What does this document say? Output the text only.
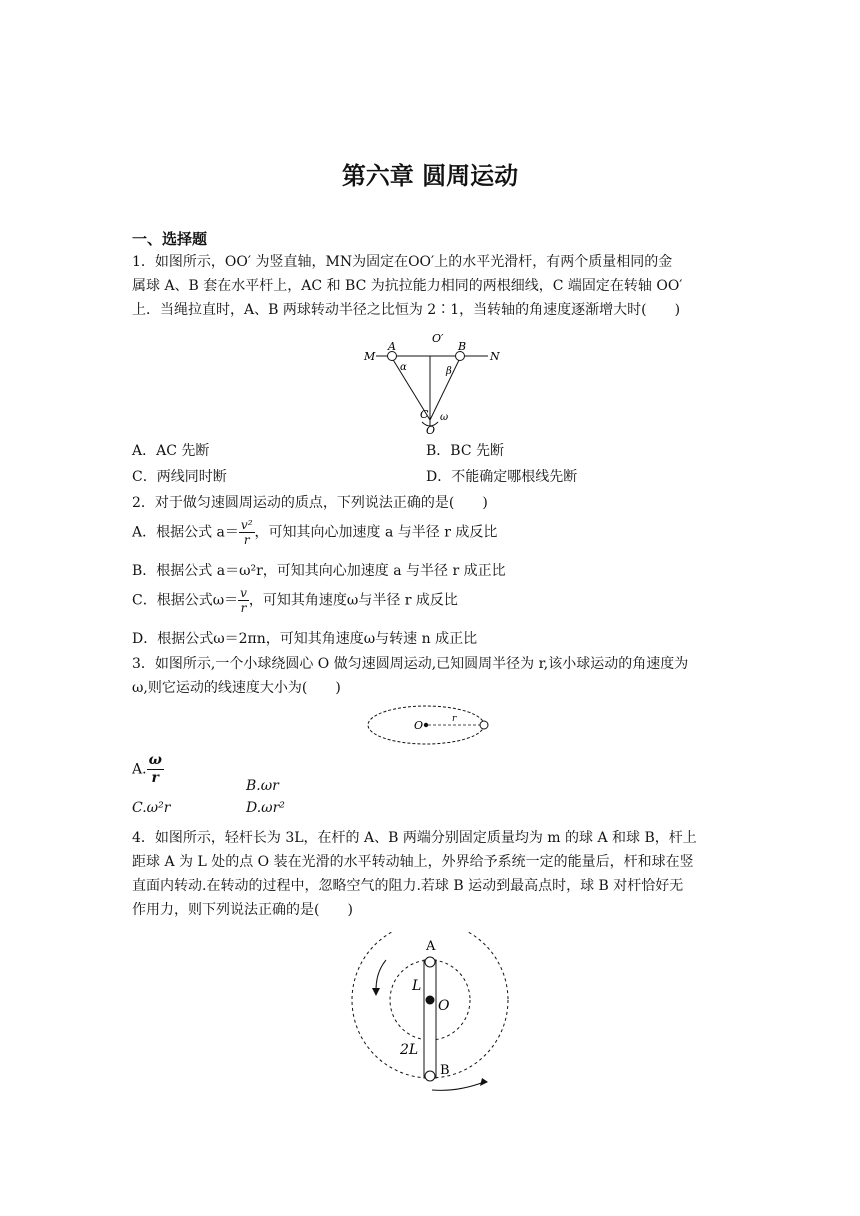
第六章 圆周运动
一、选择题
1．如图所示，OO′ 为竖直轴，MN为固定在OO′上的水平光滑杆，有两个质量相同的金
属球 A、B 套在水平杆上，AC 和 BC 为抗拉能力相同的两根细线，C 端固定在转轴 OO′
上．当绳拉直时，A、B 两球转动半径之比恒为 2∶1，当转轴的角速度逐渐增大时(　　)
M	N
A	B
O′
α	β
C ω
O
A．AC 先断	B．BC 先断
C．两线同时断	D．不能确定哪根线先断
2．对于做匀速圆周运动的质点，下列说法正确的是(　　)
A．根据公式 $a= \frac{\text{v²}}{r}$ ，可知其向心加速度 a 与半径 r 成反比
B．根据公式 a＝ω²r，可知其向心加速度 a 与半径 r 成正比
C．根据公式$\omega= \frac{v}{r}$ ，可知其角速度ω与半径 r 成反比
D．根据公式ω＝2πn，可知其角速度ω与转速 n 成正比
3．如图所示,一个小球绕圆心 O 做匀速圆周运动,已知圆周半径为 r,该小球运动的角速度为
ω,则它运动的线速度大小为(　　)
O	r
A. $\frac{\omega}{r}$	B.ωr
C.ω²r	D.ωr²
4．如图所示，轻杆长为 3L，在杆的 A、B 两端分别固定质量均为 m 的球 A 和球 B，杆上
距球 A 为 L 处的点 O 装在光滑的水平转动轴上，外界给予系统一定的能量后，杆和球在竖
直面内转动.在转动的过程中，忽略空气的阻力.若球 B 运动到最高点时，球 B 对杆恰好无
作用力，则下列说法正确的是(　　)
A
B
L
O
2L
